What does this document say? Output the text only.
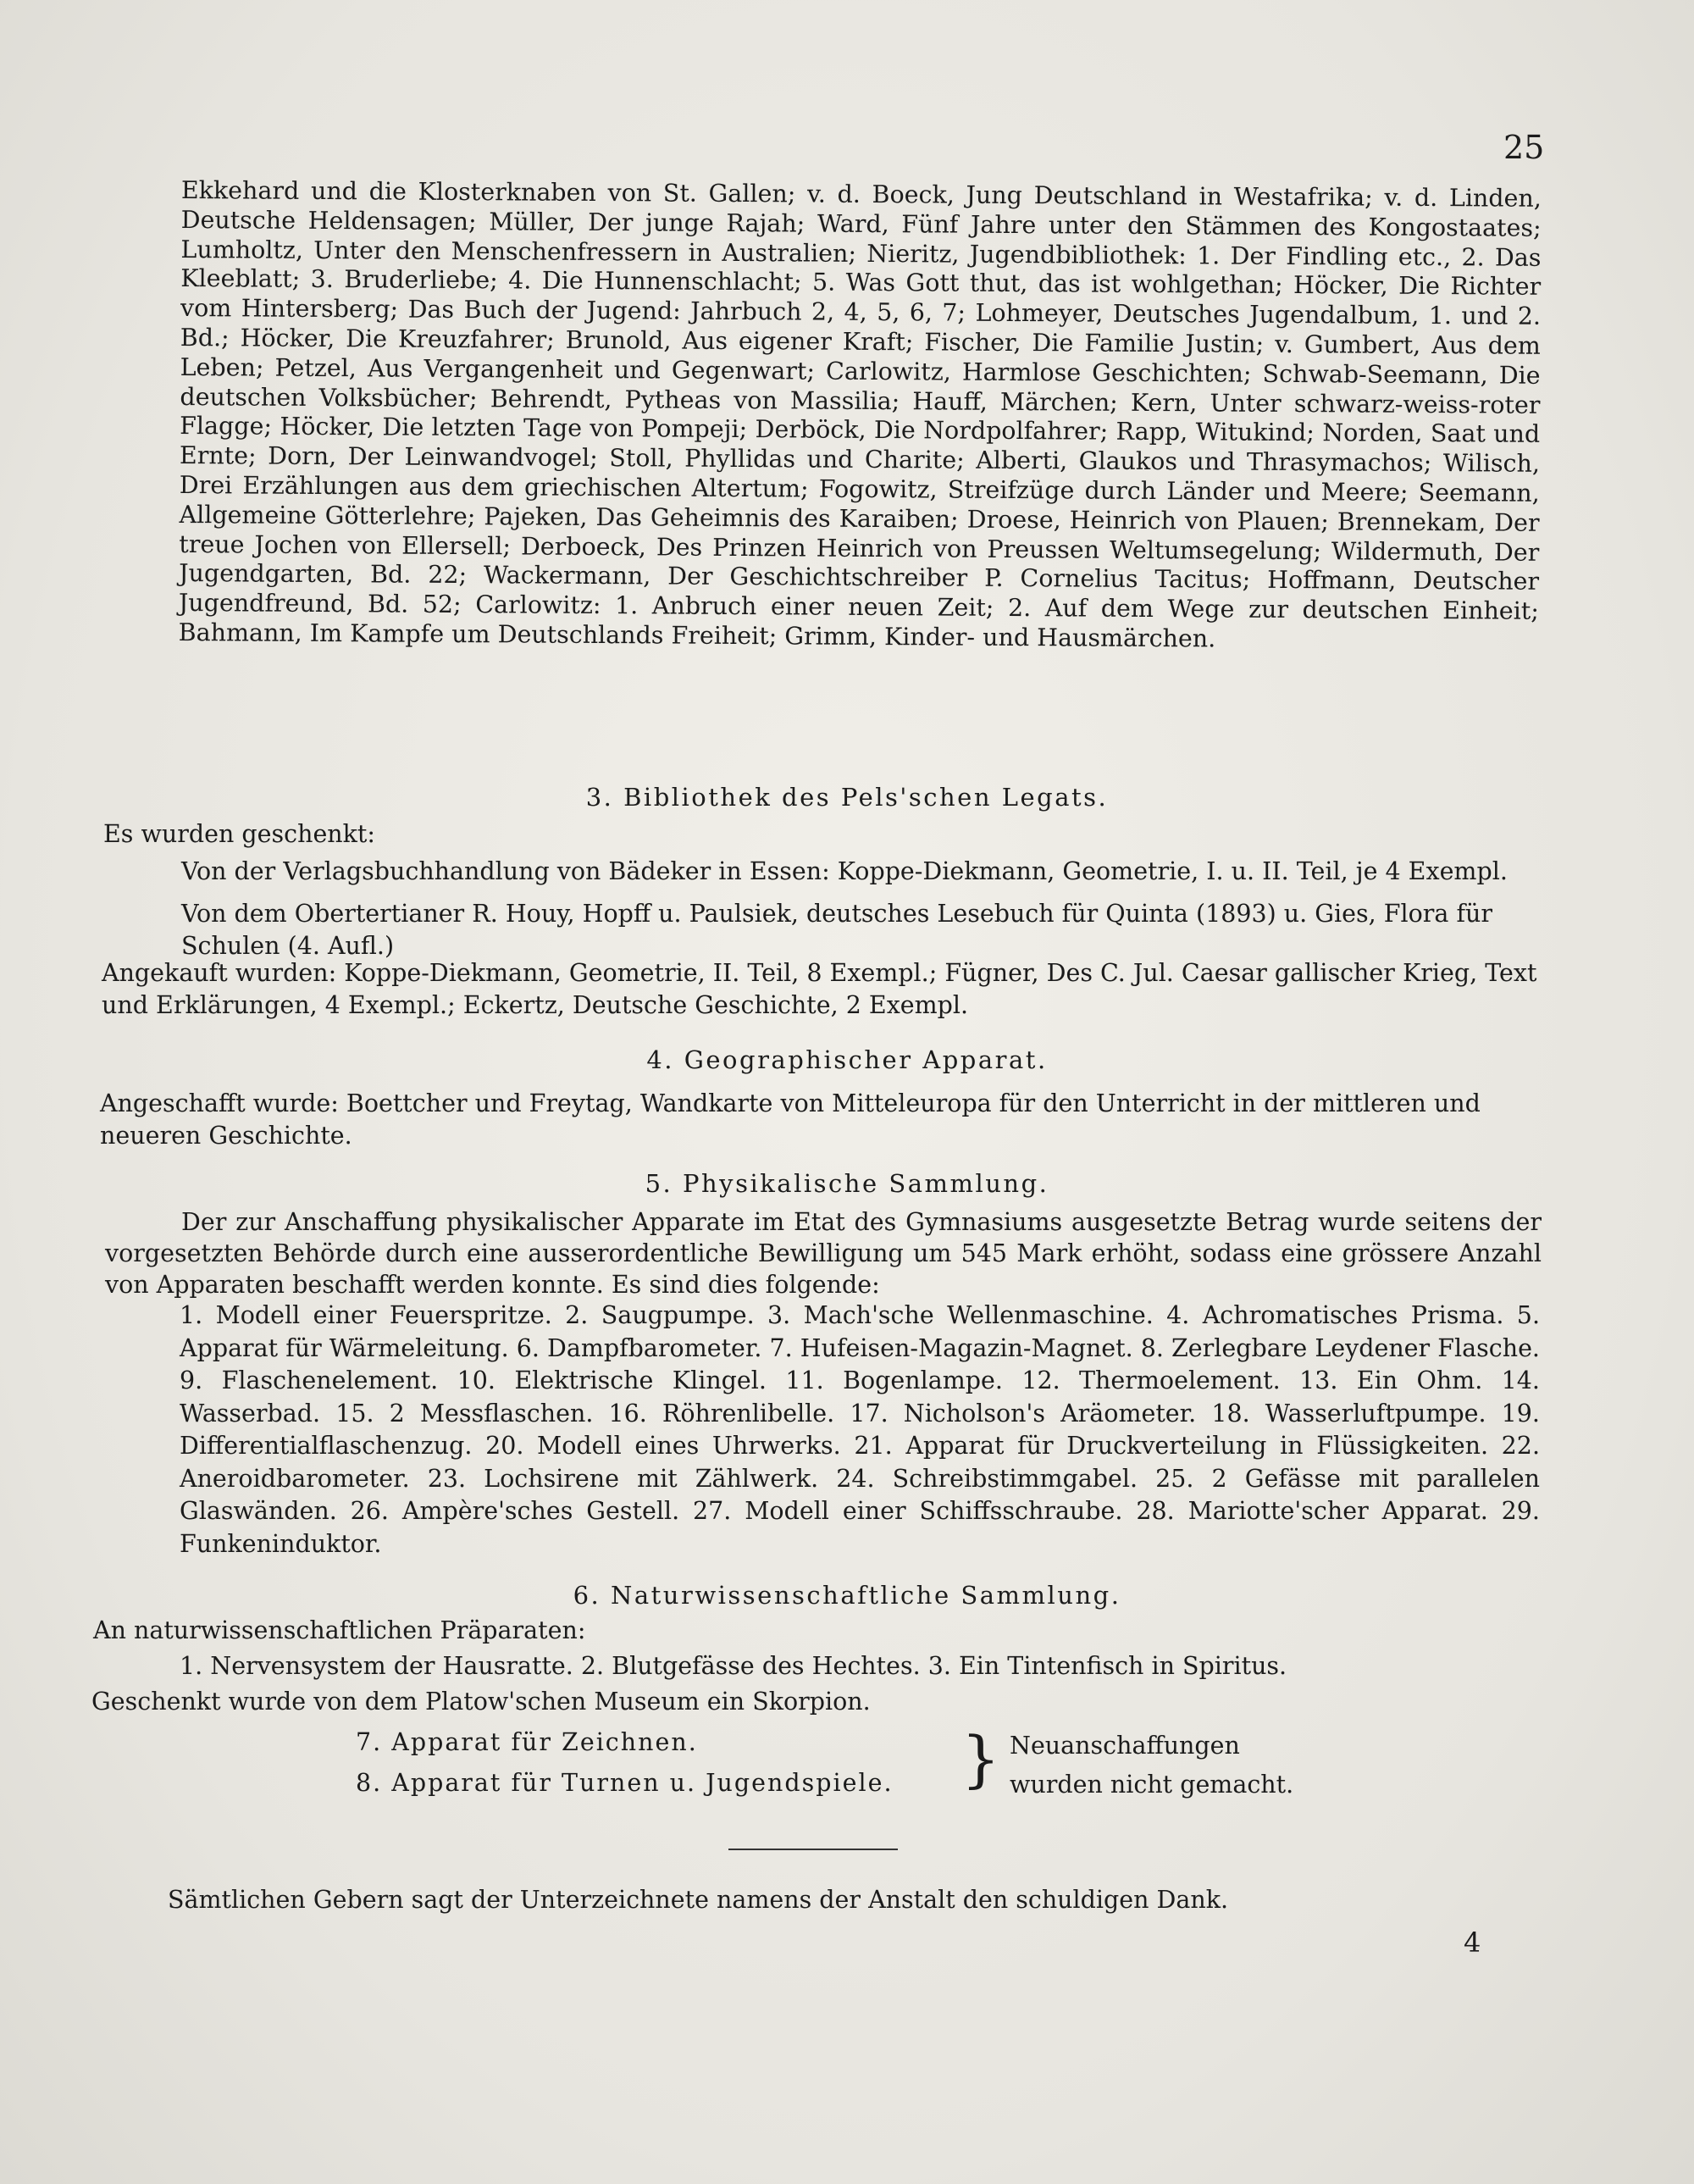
25
Ekkehard und die Klosterknaben von St. Gallen; v. d. Boeck, Jung Deutschland in Westafrika; v. d. Linden, Deutsche Heldensagen; Müller, Der junge Rajah; Ward, Fünf Jahre unter den Stämmen des Kongostaates; Lumholtz, Unter den Menschenfressern in Australien; Nieritz, Jugendbibliothek: 1. Der Findling etc., 2. Das Kleeblatt; 3. Bruderliebe; 4. Die Hunnenschlacht; 5. Was Gott thut, das ist wohlgethan; Höcker, Die Richter vom Hintersberg; Das Buch der Jugend: Jahrbuch 2, 4, 5, 6, 7; Lohmeyer, Deutsches Jugendalbum, 1. und 2. Bd.; Höcker, Die Kreuzfahrer; Brunold, Aus eigener Kraft; Fischer, Die Familie Justin; v. Gumbert, Aus dem Leben; Petzel, Aus Vergangenheit und Gegenwart; Carlowitz, Harmlose Geschichten; Schwab-Seemann, Die deutschen Volksbücher; Behrendt, Pytheas von Massilia; Hauff, Märchen; Kern, Unter schwarz-weiss-roter Flagge; Höcker, Die letzten Tage von Pompeji; Derböck, Die Nordpolfahrer; Rapp, Witukind; Norden, Saat und Ernte; Dorn, Der Leinwandvogel; Stoll, Phyllidas und Charite; Alberti, Glaukos und Thrasymachos; Wilisch, Drei Erzählungen aus dem griechischen Altertum; Fogowitz, Streifzüge durch Länder und Meere; Seemann, Allgemeine Götterlehre; Pajeken, Das Geheimnis des Karaiben; Droese, Heinrich von Plauen; Brennekam, Der treue Jochen von Ellersell; Derboeck, Des Prinzen Heinrich von Preussen Weltumsegelung; Wildermuth, Der Jugendgarten, Bd. 22; Wackermann, Der Geschichtschreiber P. Cornelius Tacitus; Hoffmann, Deutscher Jugendfreund, Bd. 52; Carlowitz: 1. Anbruch einer neuen Zeit; 2. Auf dem Wege zur deutschen Einheit; Bahmann, Im Kampfe um Deutschlands Freiheit; Grimm, Kinder- und Hausmärchen.
3. Bibliothek des Pels'schen Legats.
Es wurden geschenkt:
Von der Verlagsbuchhandlung von Bädeker in Essen: Koppe-Diekmann, Geometrie, I. u. II. Teil, je 4 Exempl.
Von dem Obertertianer R. Houy, Hopff u. Paulsiek, deutsches Lesebuch für Quinta (1893) u. Gies, Flora für Schulen (4. Aufl.)
Angekauft wurden: Koppe-Diekmann, Geometrie, II. Teil, 8 Exempl.; Fügner, Des C. Jul. Caesar gallischer Krieg, Text und Erklärungen, 4 Exempl.; Eckertz, Deutsche Geschichte, 2 Exempl.
4. Geographischer Apparat.
Angeschafft wurde: Boettcher und Freytag, Wandkarte von Mitteleuropa für den Unterricht in der mittleren und neueren Geschichte.
5. Physikalische Sammlung.
Der zur Anschaffung physikalischer Apparate im Etat des Gymnasiums ausgesetzte Betrag wurde seitens der vorgesetzten Behörde durch eine ausserordentliche Bewilligung um 545 Mark erhöht, sodass eine grössere Anzahl von Apparaten beschafft werden konnte. Es sind dies folgende:
1. Modell einer Feuerspritze. 2. Saugpumpe. 3. Mach'sche Wellenmaschine. 4. Achromatisches Prisma. 5. Apparat für Wärmeleitung. 6. Dampfbarometer. 7. Hufeisen-Magazin-Magnet. 8. Zerlegbare Leydener Flasche. 9. Flaschenelement. 10. Elektrische Klingel. 11. Bogenlampe. 12. Thermoelement. 13. Ein Ohm. 14. Wasserbad. 15. 2 Messflaschen. 16. Röhrenlibelle. 17. Nicholson's Aräometer. 18. Wasserluftpumpe. 19. Differentialflaschenzug. 20. Modell eines Uhrwerks. 21. Apparat für Druckverteilung in Flüssigkeiten. 22. Aneroidbarometer. 23. Lochsirene mit Zählwerk. 24. Schreibstimmgabel. 25. 2 Gefässe mit parallelen Glaswänden. 26. Ampère'sches Gestell. 27. Modell einer Schiffsschraube. 28. Mariotte'scher Apparat. 29. Funkeninduktor.
6. Naturwissenschaftliche Sammlung.
An naturwissenschaftlichen Präparaten:
1. Nervensystem der Hausratte. 2. Blutgefässe des Hechtes. 3. Ein Tintenfisch in Spiritus.
Geschenkt wurde von dem Platow'schen Museum ein Skorpion.
7. Apparat für Zeichnen.
8. Apparat für Turnen u. Jugendspiele. } Neuanschaffungen
wurden nicht gemacht.
Sämtlichen Gebern sagt der Unterzeichnete namens der Anstalt den schuldigen Dank.
4
